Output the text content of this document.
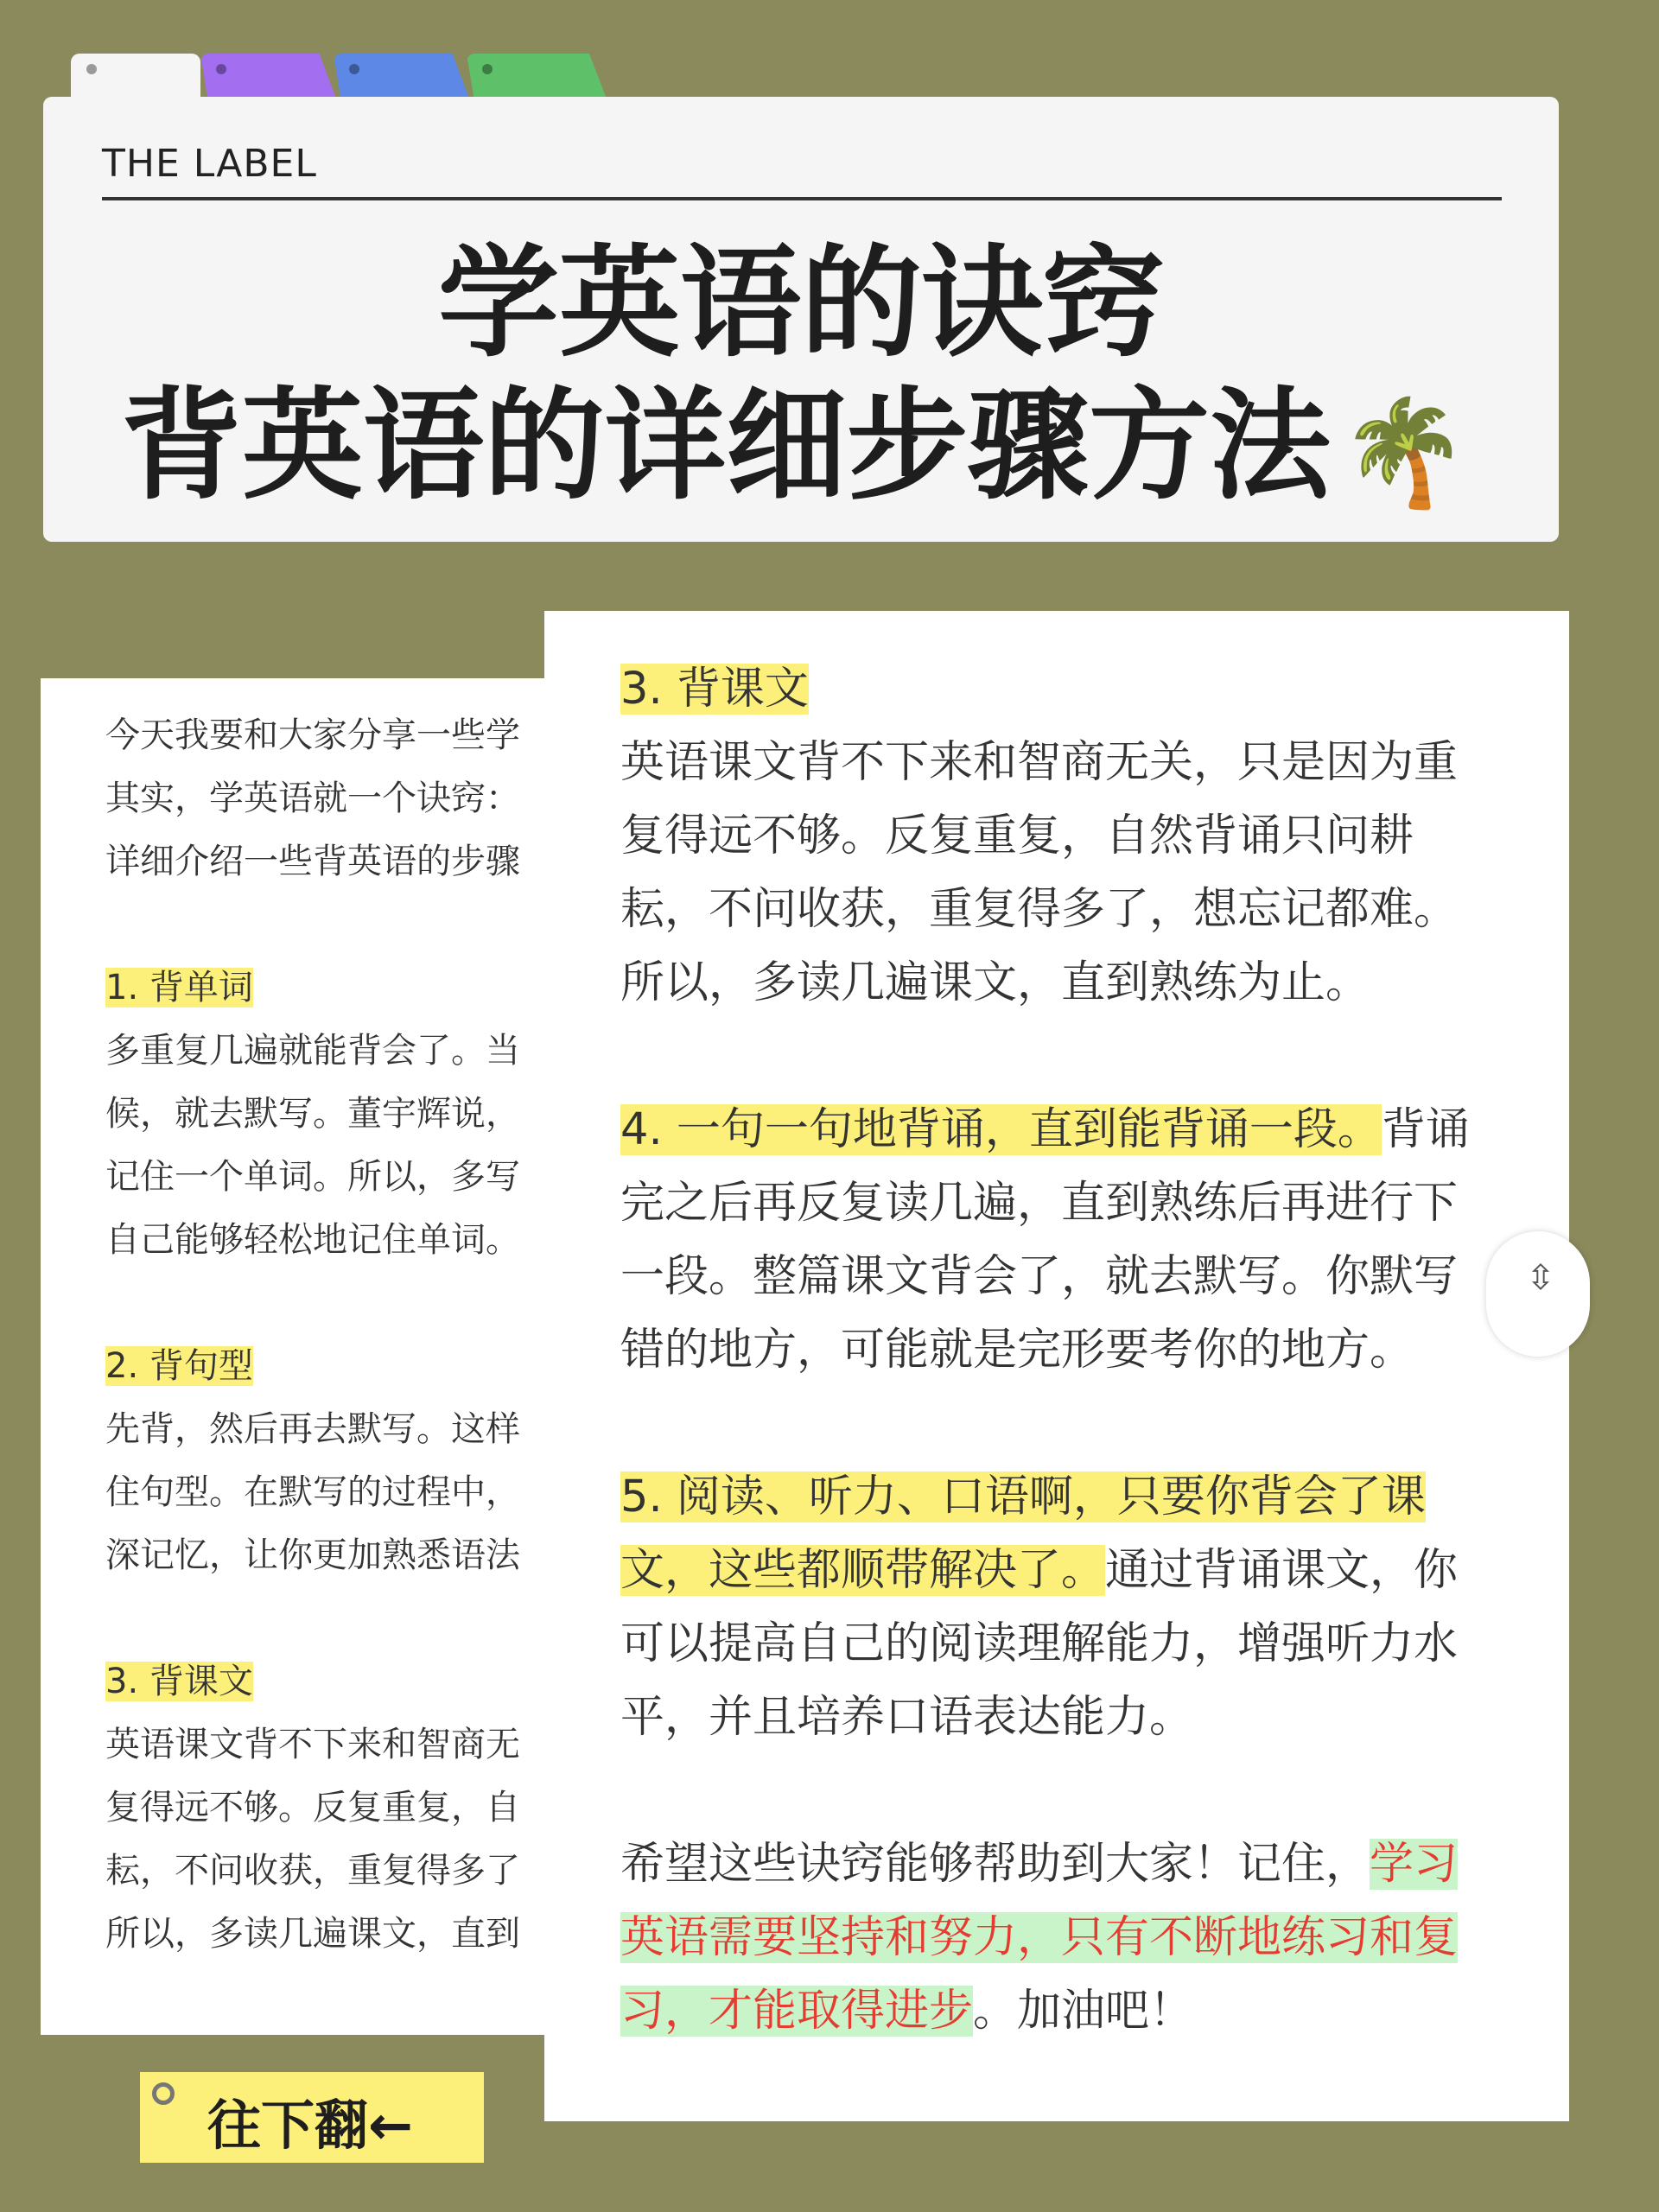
THE LABEL
学英语的诀窍
背英语的详细步骤方法🌴
今天我要和大家分享一些学
其实，学英语就一个诀窍：
详细介绍一些背英语的步骤
1. 背单词
多重复几遍就能背会了。当
候，就去默写。董宇辉说，
记住一个单词。所以，多写
自己能够轻松地记住单词。
2. 背句型
先背，然后再去默写。这样
住句型。在默写的过程中，
深记忆，让你更加熟悉语法
3. 背课文
英语课文背不下来和智商无
复得远不够。反复重复，自
耘，不问收获，重复得多了
所以，多读几遍课文，直到
3. 背课文
英语课文背不下来和智商无关，只是因为重
复得远不够。反复重复，自然背诵只问耕
耘，不问收获，重复得多了，想忘记都难。
所以，多读几遍课文，直到熟练为止。
4. 一句一句地背诵，直到能背诵一段。背诵
完之后再反复读几遍，直到熟练后再进行下
一段。整篇课文背会了，就去默写。你默写
错的地方，可能就是完形要考你的地方。
5. 阅读、听力、口语啊，只要你背会了课
文，这些都顺带解决了。通过背诵课文，你
可以提高自己的阅读理解能力，增强听力水
平，并且培养口语表达能力。
希望这些诀窍能够帮助到大家！记住，学习
英语需要坚持和努力，只有不断地练习和复
习，才能取得进步。加油吧！
⇳
往下翻←
